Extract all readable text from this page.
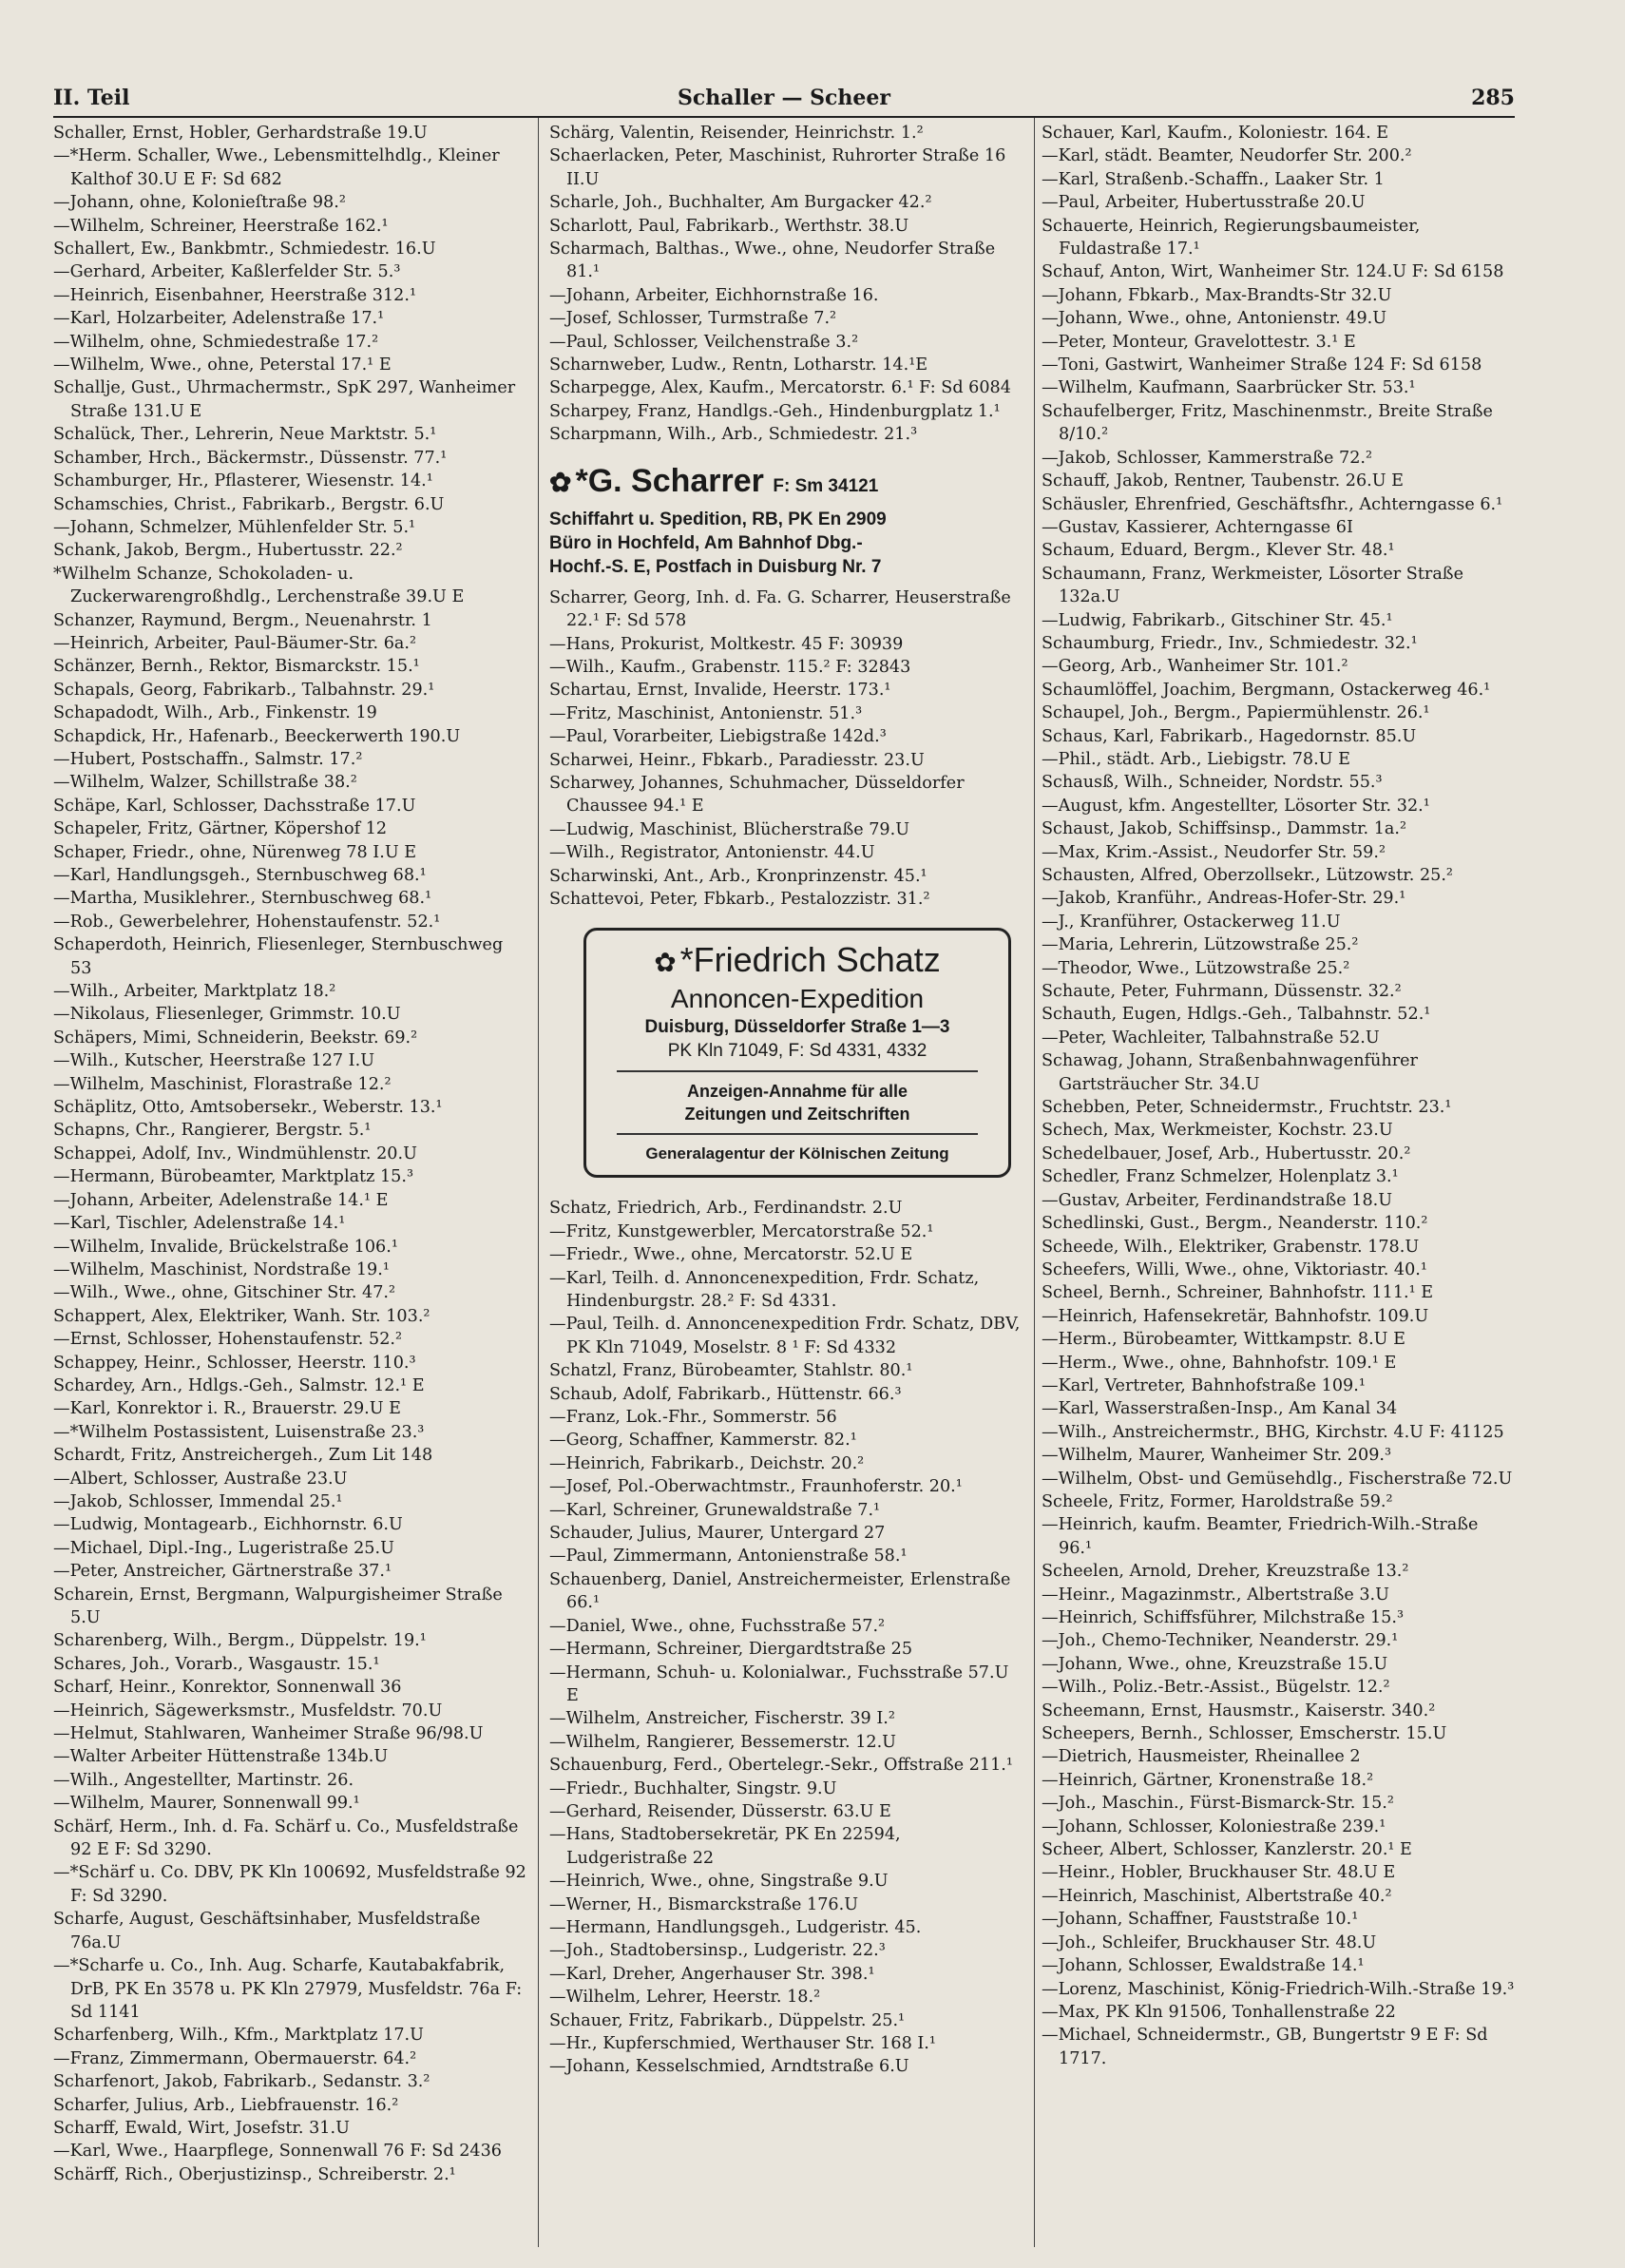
II. Teil	Schaller — Scheer	285

Schaller, Ernst, Hobler, Gerhardstraße 19.U

—*Herm. Schaller, Wwe., Lebensmittelhdlg., Kleiner Kalthof 30.U E F: Sd 682

—Johann, ohne, Kolonieſtraße 98.²

—Wilhelm, Schreiner, Heerstraße 162.¹

Schallert, Ew., Bankbmtr., Schmiedestr. 16.U

—Gerhard, Arbeiter, Kaßlerfelder Str. 5.³

—Heinrich, Eisenbahner, Heerstraße 312.¹

—Karl, Holzarbeiter, Adelenstraße 17.¹

—Wilhelm, ohne, Schmiedestraße 17.²

—Wilhelm, Wwe., ohne, Peterstal 17.¹ E

Schallje, Gust., Uhrmachermstr., SpK 297, Wanheimer Straße 131.U E

Schalück, Ther., Lehrerin, Neue Marktstr. 5.¹

Schamber, Hrch., Bäckermstr., Düssenstr. 77.¹

Schamburger, Hr., Pflasterer, Wiesenstr. 14.¹

Schamschies, Christ., Fabrikarb., Bergstr. 6.U

—Johann, Schmelzer, Mühlenfelder Str. 5.¹

Schank, Jakob, Bergm., Hubertusstr. 22.²

*Wilhelm Schanze, Schokoladen- u. Zuckerwarengroßhdlg., Lerchenstraße 39.U E

Schanzer, Raymund, Bergm., Neuenahrstr. 1

—Heinrich, Arbeiter, Paul-Bäumer-Str. 6a.²

Schänzer, Bernh., Rektor, Bismarckstr. 15.¹

Schapals, Georg, Fabrikarb., Talbahnstr. 29.¹

Schapadodt, Wilh., Arb., Finkenstr. 19

Schapdick, Hr., Hafenarb., Beeckerwerth 190.U

—Hubert, Postschaffn., Salmstr. 17.²

—Wilhelm, Walzer, Schillstraße 38.²

Schäpe, Karl, Schlosser, Dachsstraße 17.U

Schapeler, Fritz, Gärtner, Köpershof 12

Schaper, Friedr., ohne, Nürenweg 78 I.U E

—Karl, Handlungsgeh., Sternbuschweg 68.¹

—Martha, Musiklehrer., Sternbuschweg 68.¹

—Rob., Gewerbelehrer, Hohenstaufenstr. 52.¹

Schaperdoth, Heinrich, Fliesenleger, Sternbuschweg 53

—Wilh., Arbeiter, Marktplatz 18.²

—Nikolaus, Fliesenleger, Grimmstr. 10.U

Schäpers, Mimi, Schneiderin, Beekstr. 69.²

—Wilh., Kutscher, Heerstraße 127 I.U

—Wilhelm, Maschinist, Florastraße 12.²

Schäplitz, Otto, Amtsobersekr., Weberstr. 13.¹

Schapns, Chr., Rangierer, Bergstr. 5.¹

Schappei, Adolf, Inv., Windmühlenstr. 20.U

—Hermann, Bürobeamter, Marktplatz 15.³

—Johann, Arbeiter, Adelenstraße 14.¹ E

—Karl, Tischler, Adelenstraße 14.¹

—Wilhelm, Invalide, Brückelstraße 106.¹

—Wilhelm, Maschinist, Nordstraße 19.¹

—Wilh., Wwe., ohne, Gitschiner Str. 47.²

Schappert, Alex, Elektriker, Wanh. Str. 103.²

—Ernst, Schlosser, Hohenstaufenstr. 52.²

Schappey, Heinr., Schlosser, Heerstr. 110.³

Schardey, Arn., Hdlgs.-Geh., Salmstr. 12.¹ E

—Karl, Konrektor i. R., Brauerstr. 29.U E

—*Wilhelm Postassistent, Luisenstraße 23.³

Schardt, Fritz, Anstreichergeh., Zum Lit 148

—Albert, Schlosser, Austraße 23.U

—Jakob, Schlosser, Immendal 25.¹

—Ludwig, Montagearb., Eichhornstr. 6.U

—Michael, Dipl.-Ing., Lugeristraße 25.U

—Peter, Anstreicher, Gärtnerstraße 37.¹

Scharein, Ernst, Bergmann, Walpurgisheimer Straße 5.U

Scharenberg, Wilh., Bergm., Düppelstr. 19.¹

Schares, Joh., Vorarb., Wasgaustr. 15.¹

Scharf, Heinr., Konrektor, Sonnenwall 36

—Heinrich, Sägewerksmstr., Musfeldstr. 70.U

—Helmut, Stahlwaren, Wanheimer Straße 96/98.U

—Walter Arbeiter Hüttenstraße 134b.U

—Wilh., Angestellter, Martinstr. 26.

—Wilhelm, Maurer, Sonnenwall 99.¹

Schärf, Herm., Inh. d. Fa. Schärf u. Co., Musfeldstraße 92 E F: Sd 3290.

—*Schärf u. Co. DBV, PK Kln 100692, Musfeldstraße 92 F: Sd 3290.

Scharfe, August, Geschäftsinhaber, Musfeldstraße 76a.U

—*Scharfe u. Co., Inh. Aug. Scharfe, Kautabakfabrik, DrB, PK En 3578 u. PK Kln 27979, Musfeldstr. 76a F: Sd 1141

Scharfenberg, Wilh., Kfm., Marktplatz 17.U

—Franz, Zimmermann, Obermauerstr. 64.²

Scharfenort, Jakob, Fabrikarb., Sedanstr. 3.²

Scharfer, Julius, Arb., Liebfrauenstr. 16.²

Scharff, Ewald, Wirt, Josefstr. 31.U

—Karl, Wwe., Haarpflege, Sonnenwall 76 F: Sd 2436

Schärff, Rich., Oberjustizinsp., Schreiberstr. 2.¹

Schärg, Valentin, Reisender, Heinrichstr. 1.²

Schaerlacken, Peter, Maschinist, Ruhrorter Straße 16 II.U

Scharle, Joh., Buchhalter, Am Burgacker 42.²

Scharlott, Paul, Fabrikarb., Werthstr. 38.U

Scharmach, Balthas., Wwe., ohne, Neudorfer Straße 81.¹

—Johann, Arbeiter, Eichhornstraße 16.

—Josef, Schlosser, Turmstraße 7.²

—Paul, Schlosser, Veilchenstraße 3.²

Scharnweber, Ludw., Rentn, Lotharstr. 14.¹E

Scharpegge, Alex, Kaufm., Mercatorstr. 6.¹ F: Sd 6084

Scharpey, Franz, Handlgs.-Geh., Hindenburgplatz 1.¹

Scharpmann, Wilh., Arb., Schmiedestr. 21.³

✿ *G. Scharrer F: Sm 34121
Schiffahrt u. Spedition, RB, PK En 2909
Büro in Hochfeld, Am Bahnhof Dbg.-
Hochf.-S. E, Postfach in Duisburg Nr. 7

Scharrer, Georg, Inh. d. Fa. G. Scharrer, Heuserstraße 22.¹ F: Sd 578

—Hans, Prokurist, Moltkestr. 45 F: 30939

—Wilh., Kaufm., Grabenstr. 115.² F: 32843

Schartau, Ernst, Invalide, Heerstr. 173.¹

—Fritz, Maschinist, Antonienstr. 51.³

—Paul, Vorarbeiter, Liebigstraße 142d.³

Scharwei, Heinr., Fbkarb., Paradiesstr. 23.U

Scharwey, Johannes, Schuhmacher, Düsseldorfer Chaussee 94.¹ E

—Ludwig, Maschinist, Blücherstraße 79.U

—Wilh., Registrator, Antonienstr. 44.U

Scharwinski, Ant., Arb., Kronprinzenstr. 45.¹

Schattevoi, Peter, Fbkarb., Pestalozzistr. 31.²

✿ *Friedrich Schatz
Annoncen-Expedition
Duisburg, Düsseldorfer Straße 1—3
PK Kln 71049, F: Sd 4331, 4332
Anzeigen-Annahme für alle
Zeitungen und Zeitschriften
Generalagentur der Kölnischen Zeitung

Schatz, Friedrich, Arb., Ferdinandstr. 2.U

—Fritz, Kunstgewerbler, Mercatorstraße 52.¹

—Friedr., Wwe., ohne, Mercatorstr. 52.U E

—Karl, Teilh. d. Annoncenexpedition, Frdr. Schatz, Hindenburgstr. 28.² F: Sd 4331.

—Paul, Teilh. d. Annoncenexpedition Frdr. Schatz, DBV, PK Kln 71049, Moselstr. 8 ¹ F: Sd 4332

Schatzl, Franz, Bürobeamter, Stahlstr. 80.¹

Schaub, Adolf, Fabrikarb., Hüttenstr. 66.³

—Franz, Lok.-Fhr., Sommerstr. 56

—Georg, Schaffner, Kammerstr. 82.¹

—Heinrich, Fabrikarb., Deichstr. 20.²

—Josef, Pol.-Oberwachtmstr., Fraunhoferstr. 20.¹

—Karl, Schreiner, Grunewaldstraße 7.¹

Schauder, Julius, Maurer, Untergard 27

—Paul, Zimmermann, Antonienstraße 58.¹

Schauenberg, Daniel, Anstreichermeister, Erlenstraße 66.¹

—Daniel, Wwe., ohne, Fuchsstraße 57.²

—Hermann, Schreiner, Diergardtstraße 25

—Hermann, Schuh- u. Kolonialwar., Fuchsstraße 57.U E

—Wilhelm, Anstreicher, Fischerstr. 39 I.²

—Wilhelm, Rangierer, Bessemerstr. 12.U

Schauenburg, Ferd., Obertelegr.-Sekr., Offstraße 211.¹

—Friedr., Buchhalter, Singstr. 9.U

—Gerhard, Reisender, Düsserstr. 63.U E

—Hans, Stadtobersekretär, PK En 22594, Ludgeristraße 22

—Heinrich, Wwe., ohne, Singstraße 9.U

—Werner, H., Bismarckstraße 176.U

—Hermann, Handlungsgeh., Ludgeristr. 45.

—Joh., Stadtobersinsp., Ludgeristr. 22.³

—Karl, Dreher, Angerhauser Str. 398.¹

—Wilhelm, Lehrer, Heerstr. 18.²

Schauer, Fritz, Fabrikarb., Düppelstr. 25.¹

—Hr., Kupferschmied, Werthauser Str. 168 I.¹

—Johann, Kesselschmied, Arndtstraße 6.U

Schauer, Karl, Kaufm., Koloniestr. 164. E

—Karl, städt. Beamter, Neudorfer Str. 200.²

—Karl, Straßenb.-Schaffn., Laaker Str. 1

—Paul, Arbeiter, Hubertusstraße 20.U

Schauerte, Heinrich, Regierungsbaumeister, Fuldastraße 17.¹

Schauf, Anton, Wirt, Wanheimer Str. 124.U F: Sd 6158

—Johann, Fbkarb., Max-Brandts-Str 32.U

—Johann, Wwe., ohne, Antonienstr. 49.U

—Peter, Monteur, Gravelottestr. 3.¹ E

—Toni, Gastwirt, Wanheimer Straße 124 F: Sd 6158

—Wilhelm, Kaufmann, Saarbrücker Str. 53.¹

Schaufelberger, Fritz, Maschinenmstr., Breite Straße 8/10.²

—Jakob, Schlosser, Kammerstraße 72.²

Schauff, Jakob, Rentner, Taubenstr. 26.U E

Schäusler, Ehrenfried, Geschäftsfhr., Achterngasse 6.¹

—Gustav, Kassierer, Achterngasse 6I

Schaum, Eduard, Bergm., Klever Str. 48.¹

Schaumann, Franz, Werkmeister, Lösorter Straße 132a.U

—Ludwig, Fabrikarb., Gitschiner Str. 45.¹

Schaumburg, Friedr., Inv., Schmiedestr. 32.¹

—Georg, Arb., Wanheimer Str. 101.²

Schaumlöffel, Joachim, Bergmann, Ostackerweg 46.¹

Schaupel, Joh., Bergm., Papiermühlenstr. 26.¹

Schaus, Karl, Fabrikarb., Hagedornstr. 85.U

—Phil., städt. Arb., Liebigstr. 78.U E

Schausß, Wilh., Schneider, Nordstr. 55.³

—August, kfm. Angestellter, Lösorter Str. 32.¹

Schaust, Jakob, Schiffsinsp., Dammstr. 1a.²

—Max, Krim.-Assist., Neudorfer Str. 59.²

Schausten, Alfred, Oberzollsekr., Lützowstr. 25.²

—Jakob, Kranführ., Andreas-Hofer-Str. 29.¹

—J., Kranführer, Ostackerweg 11.U

—Maria, Lehrerin, Lützowstraße 25.²

—Theodor, Wwe., Lützowstraße 25.²

Schaute, Peter, Fuhrmann, Düssenstr. 32.²

Schauth, Eugen, Hdlgs.-Geh., Talbahnstr. 52.¹

—Peter, Wachleiter, Talbahnstraße 52.U

Schawag, Johann, Straßenbahnwagenführer Gartsträucher Str. 34.U

Schebben, Peter, Schneidermstr., Fruchtstr. 23.¹

Schech, Max, Werkmeister, Kochstr. 23.U

Schedelbauer, Josef, Arb., Hubertusstr. 20.²

Schedler, Franz Schmelzer, Holenplatz 3.¹

—Gustav, Arbeiter, Ferdinandstraße 18.U

Schedlinski, Gust., Bergm., Neanderstr. 110.²

Scheede, Wilh., Elektriker, Grabenstr. 178.U

Scheefers, Willi, Wwe., ohne, Viktoriastr. 40.¹

Scheel, Bernh., Schreiner, Bahnhofstr. 111.¹ E

—Heinrich, Hafensekretär, Bahnhofstr. 109.U

—Herm., Bürobeamter, Wittkampstr. 8.U E

—Herm., Wwe., ohne, Bahnhofstr. 109.¹ E

—Karl, Vertreter, Bahnhofstraße 109.¹

—Karl, Wasserstraßen-Insp., Am Kanal 34

—Wilh., Anstreichermstr., BHG, Kirchstr. 4.U F: 41125

—Wilhelm, Maurer, Wanheimer Str. 209.³

—Wilhelm, Obst- und Gemüsehdlg., Fischerstraße 72.U

Scheele, Fritz, Former, Haroldstraße 59.²

—Heinrich, kaufm. Beamter, Friedrich-Wilh.-Straße 96.¹

Scheelen, Arnold, Dreher, Kreuzstraße 13.²

—Heinr., Magazinmstr., Albertstraße 3.U

—Heinrich, Schiffsführer, Milchstraße 15.³

—Joh., Chemo-Techniker, Neanderstr. 29.¹

—Johann, Wwe., ohne, Kreuzstraße 15.U

—Wilh., Poliz.-Betr.-Assist., Bügelstr. 12.²

Scheemann, Ernst, Hausmstr., Kaiserstr. 340.²

Scheepers, Bernh., Schlosser, Emscherstr. 15.U

—Dietrich, Hausmeister, Rheinallee 2

—Heinrich, Gärtner, Kronenstraße 18.²

—Joh., Maschin., Fürst-Bismarck-Str. 15.²

—Johann, Schlosser, Koloniestraße 239.¹

Scheer, Albert, Schlosser, Kanzlerstr. 20.¹ E

—Heinr., Hobler, Bruckhauser Str. 48.U E

—Heinrich, Maschinist, Albertstraße 40.²

—Johann, Schaffner, Fauststraße 10.¹

—Joh., Schleifer, Bruckhauser Str. 48.U

—Johann, Schlosser, Ewaldstraße 14.¹

—Lorenz, Maschinist, König-Friedrich-Wilh.-Straße 19.³

—Max, PK Kln 91506, Tonhallenstraße 22

—Michael, Schneidermstr., GB, Bungertstr 9 E F: Sd 1717.
